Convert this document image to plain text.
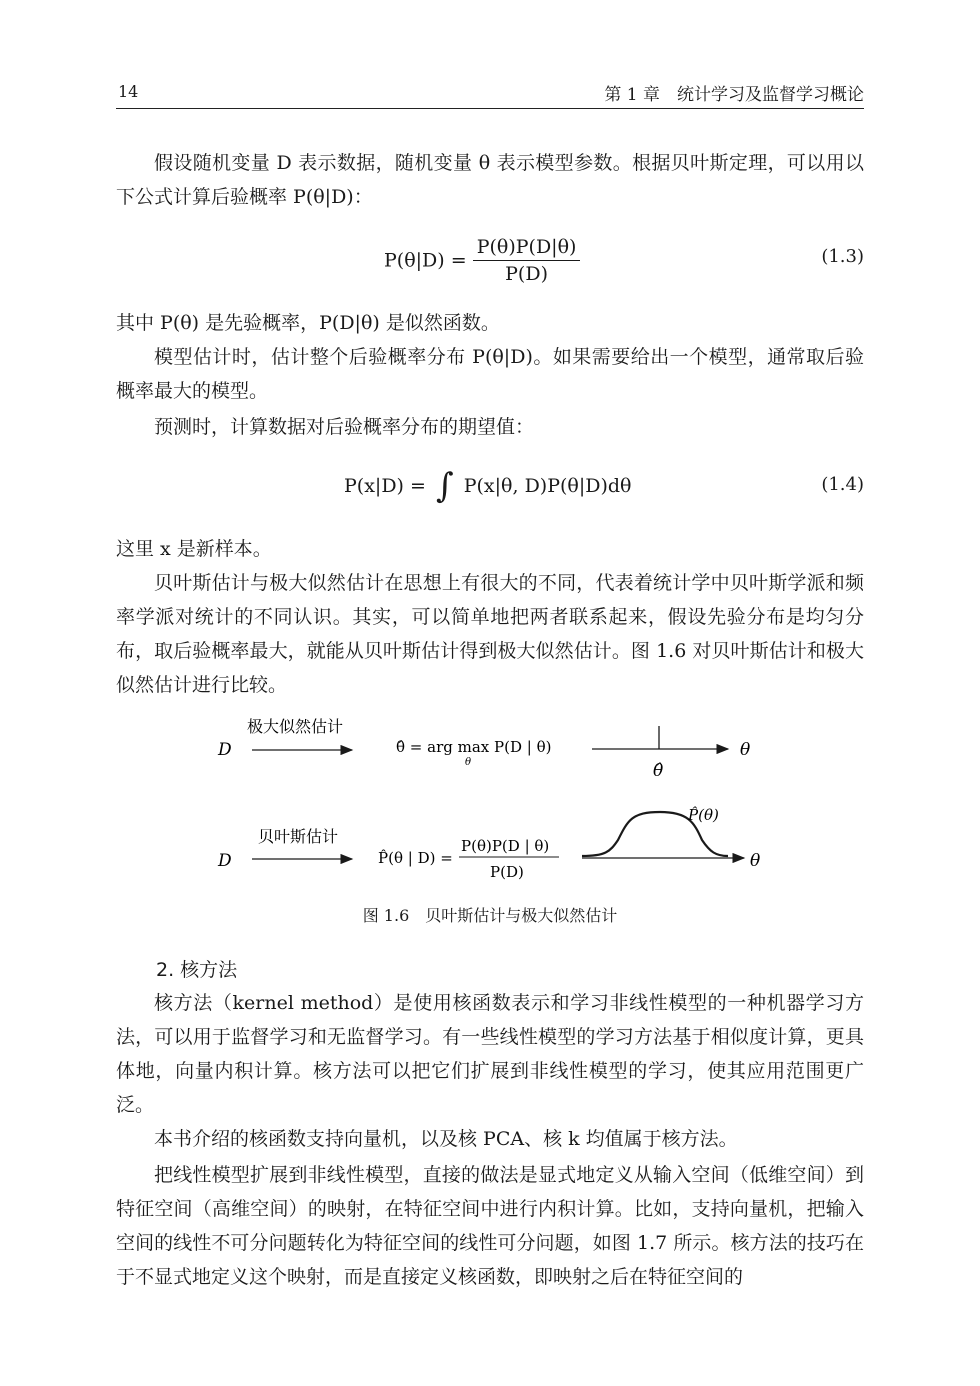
14	第 1 章　统计学习及监督学习概论

假设随机变量 D 表示数据，随机变量 θ 表示模型参数。根据贝叶斯定理，可以用以下公式计算后验概率 P(θ|D)：

$P(\theta|D) = \frac{P(\theta)P(D|\theta)}{P(D)}$	(1.3)

其中 P(θ) 是先验概率，P(D|θ) 是似然函数。

模型估计时，估计整个后验概率分布 P(θ|D)。如果需要给出一个模型，通常取后验概率最大的模型。

预测时，计算数据对后验概率分布的期望值：

P(x|D) = ∫ P(x|θ, D)P(θ|D)dθ	(1.4)

这里 x 是新样本。

贝叶斯估计与极大似然估计在思想上有很大的不同，代表着统计学中贝叶斯学派和频率学派对统计的不同认识。其实，可以简单地把两者联系起来，假设先验分布是均匀分布，取后验概率最大，就能从贝叶斯估计得到极大似然估计。图 1.6 对贝叶斯估计和极大似然估计进行比较。

D
极大似然估计
θ̂ = arg max P(D | θ)
θ
θ
θ̂
D
贝叶斯估计
P̂(θ | D) =
P(θ)P(D | θ)
P(D)
P̂(θ)
θ
图 1.6　贝叶斯估计与极大似然估计
2. 核方法

核方法（kernel method）是使用核函数表示和学习非线性模型的一种机器学习方法，可以用于监督学习和无监督学习。有一些线性模型的学习方法基于相似度计算，更具体地，向量内积计算。核方法可以把它们扩展到非线性模型的学习，使其应用范围更广泛。

本书介绍的核函数支持向量机，以及核 PCA、核 k 均值属于核方法。

把线性模型扩展到非线性模型，直接的做法是显式地定义从输入空间（低维空间）到特征空间（高维空间）的映射，在特征空间中进行内积计算。比如，支持向量机，把输入空间的线性不可分问题转化为特征空间的线性可分问题，如图 1.7 所示。核方法的技巧在于不显式地定义这个映射，而是直接定义核函数，即映射之后在特征空间的
